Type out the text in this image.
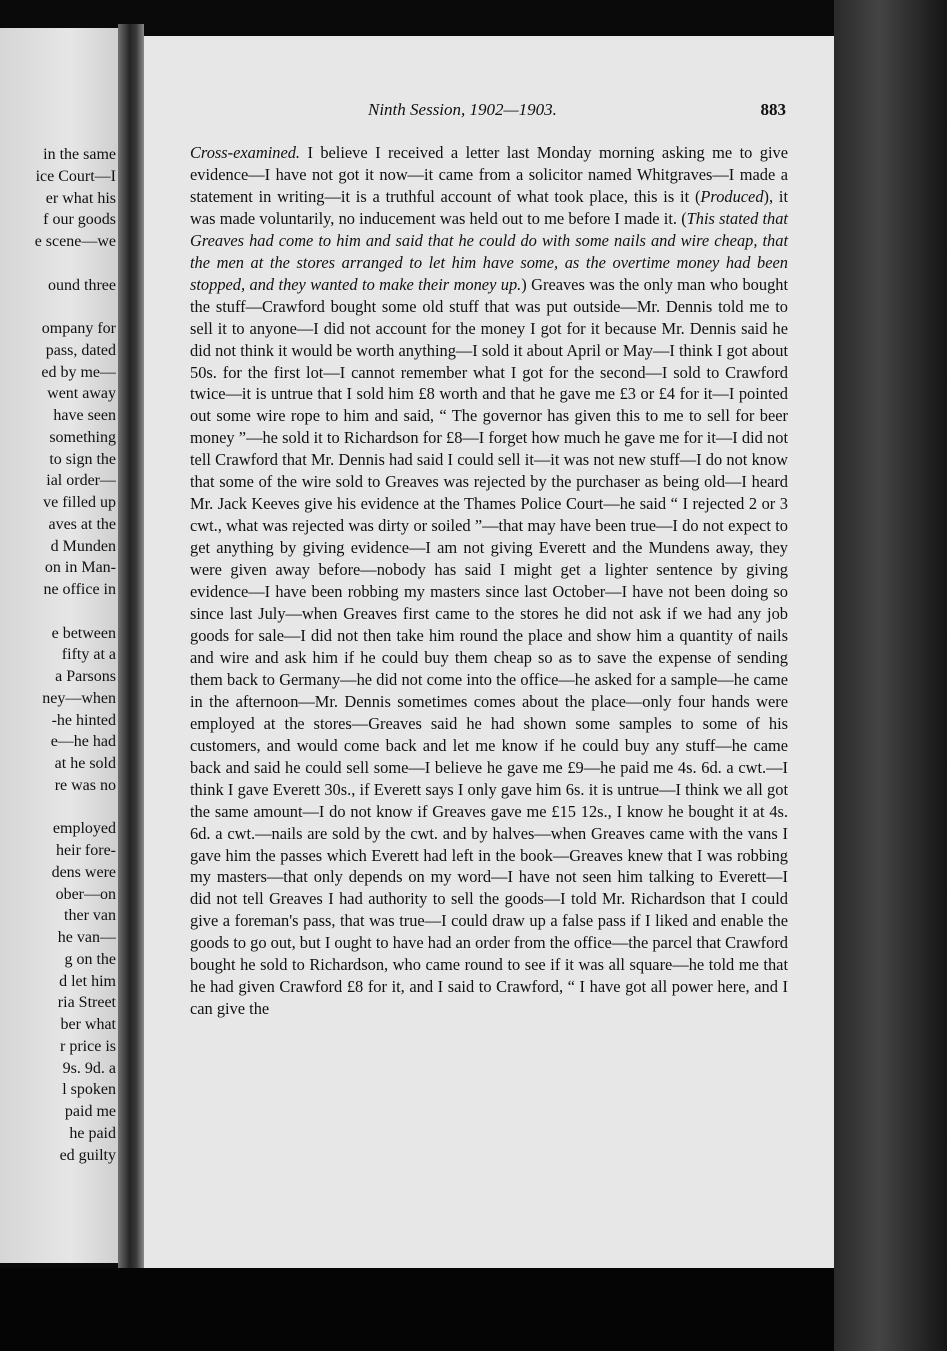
in the same
ice Court—I
er what his
f our goods
e scene—we
ound three
ompany for
pass, dated
ed by me—
went away
have seen
something
to sign the
ial order—
ve filled up
aves at the
d Munden
on in Man-
ne office in
e between
fifty at a
a Parsons
ney—when
-he hinted
e—he had
at he sold
re was no
employed
heir fore-
dens were
ober—on
ther van
he van—
g on the
d let him
ria Street
ber what
r price is
9s. 9d. a
l spoken
paid me
he paid
ed guilty
Ninth Session, 1902—1903.	883

Cross-examined. I believe I received a letter last Monday morning asking me to give evidence—I have not got it now—it came from a solicitor named Whitgraves—I made a statement in writing—it is a truthful account of what took place, this is it (Produced), it was made voluntarily, no inducement was held out to me before I made it. (This stated that Greaves had come to him and said that he could do with some nails and wire cheap, that the men at the stores arranged to let him have some, as the overtime money had been stopped, and they wanted to make their money up.) Greaves was the only man who bought the stuff—Crawford bought some old stuff that was put outside—Mr. Dennis told me to sell it to anyone—I did not account for the money I got for it because Mr. Dennis said he did not think it would be worth anything—I sold it about April or May—I think I got about 50s. for the first lot—I cannot remember what I got for the second—I sold to Crawford twice—it is untrue that I sold him £8 worth and that he gave me £3 or £4 for it—I pointed out some wire rope to him and said, “ The governor has given this to me to sell for beer money ”—he sold it to Richardson for £8—I forget how much he gave me for it—I did not tell Crawford that Mr. Dennis had said I could sell it—it was not new stuff—I do not know that some of the wire sold to Greaves was rejected by the purchaser as being old—I heard Mr. Jack Keeves give his evidence at the Thames Police Court—he said “ I rejected 2 or 3 cwt., what was rejected was dirty or soiled ”—that may have been true—I do not expect to get anything by giving evidence—I am not giving Everett and the Mundens away, they were given away before—nobody has said I might get a lighter sentence by giving evidence—I have been robbing my masters since last October—I have not been doing so since last July—when Greaves first came to the stores he did not ask if we had any job goods for sale—I did not then take him round the place and show him a quantity of nails and wire and ask him if he could buy them cheap so as to save the expense of sending them back to Germany—he did not come into the office—he asked for a sample—he came in the afternoon—Mr. Dennis sometimes comes about the place—only four hands were employed at the stores—Greaves said he had shown some samples to some of his customers, and would come back and let me know if he could buy any stuff—he came back and said he could sell some—I believe he gave me £9—he paid me 4s. 6d. a cwt.—I think I gave Everett 30s., if Everett says I only gave him 6s. it is untrue—I think we all got the same amount—I do not know if Greaves gave me £15 12s., I know he bought it at 4s. 6d. a cwt.—nails are sold by the cwt. and by halves—when Greaves came with the vans I gave him the passes which Everett had left in the book—Greaves knew that I was robbing my masters—that only depends on my word—I have not seen him talking to Everett—I did not tell Greaves I had authority to sell the goods—I told Mr. Richardson that I could give a foreman's pass, that was true—I could draw up a false pass if I liked and enable the goods to go out, but I ought to have had an order from the office—the parcel that Crawford bought he sold to Richardson, who came round to see if it was all square—he told me that he had given Crawford £8 for it, and I said to Crawford, “ I have got all power here, and I can give the
